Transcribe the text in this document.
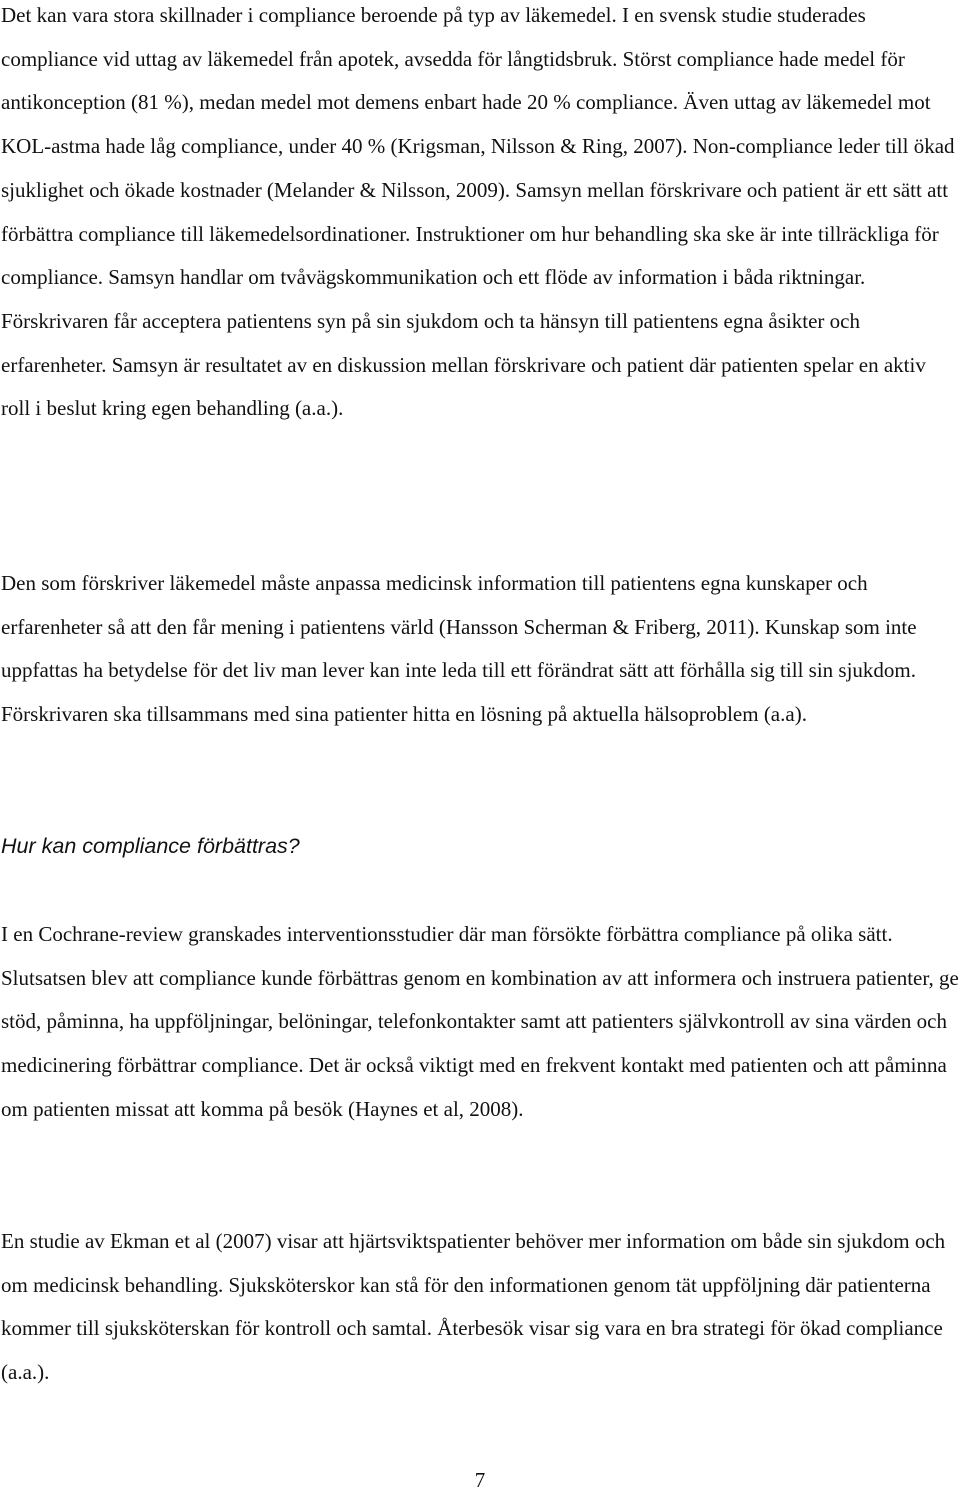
Det kan vara stora skillnader i compliance beroende på typ av läkemedel. I en svensk studie studerades compliance vid uttag av läkemedel från apotek, avsedda för långtidsbruk. Störst compliance hade medel för antikonception (81 %), medan medel mot demens enbart hade 20 % compliance. Även uttag av läkemedel mot KOL-astma hade låg compliance, under 40 % (Krigsman, Nilsson & Ring, 2007). Non-compliance leder till ökad sjuklighet och ökade kostnader (Melander & Nilsson, 2009). Samsyn mellan förskrivare och patient är ett sätt att förbättra compliance till läkemedelsordinationer. Instruktioner om hur behandling ska ske är inte tillräckliga för compliance. Samsyn handlar om tvåvägskommunikation och ett flöde av information i båda riktningar. Förskrivaren får acceptera patientens syn på sin sjukdom och ta hänsyn till patientens egna åsikter och erfarenheter. Samsyn är resultatet av en diskussion mellan förskrivare och patient där patienten spelar en aktiv roll i beslut kring egen behandling (a.a.).

Den som förskriver läkemedel måste anpassa medicinsk information till patientens egna kunskaper och erfarenheter så att den får mening i patientens värld (Hansson Scherman & Friberg, 2011). Kunskap som inte uppfattas ha betydelse för det liv man lever kan inte leda till ett förändrat sätt att förhålla sig till sin sjukdom. Förskrivaren ska tillsammans med sina patienter hitta en lösning på aktuella hälsoproblem (a.a).

Hur kan compliance förbättras?

I en Cochrane-review granskades interventionsstudier där man försökte förbättra compliance på olika sätt. Slutsatsen blev att compliance kunde förbättras genom en kombination av att informera och instruera patienter, ge stöd, påminna, ha uppföljningar, belöningar, telefonkontakter samt att patienters självkontroll av sina värden och medicinering förbättrar compliance. Det är också viktigt med en frekvent kontakt med patienten och att påminna om patienten missat att komma på besök (Haynes et al, 2008).

En studie av Ekman et al (2007) visar att hjärtsviktspatienter behöver mer information om både sin sjukdom och om medicinsk behandling. Sjuksköterskor kan stå för den informationen genom tät uppföljning där patienterna kommer till sjuksköterskan för kontroll och samtal. Återbesök visar sig vara en bra strategi för ökad compliance (a.a.).

7
